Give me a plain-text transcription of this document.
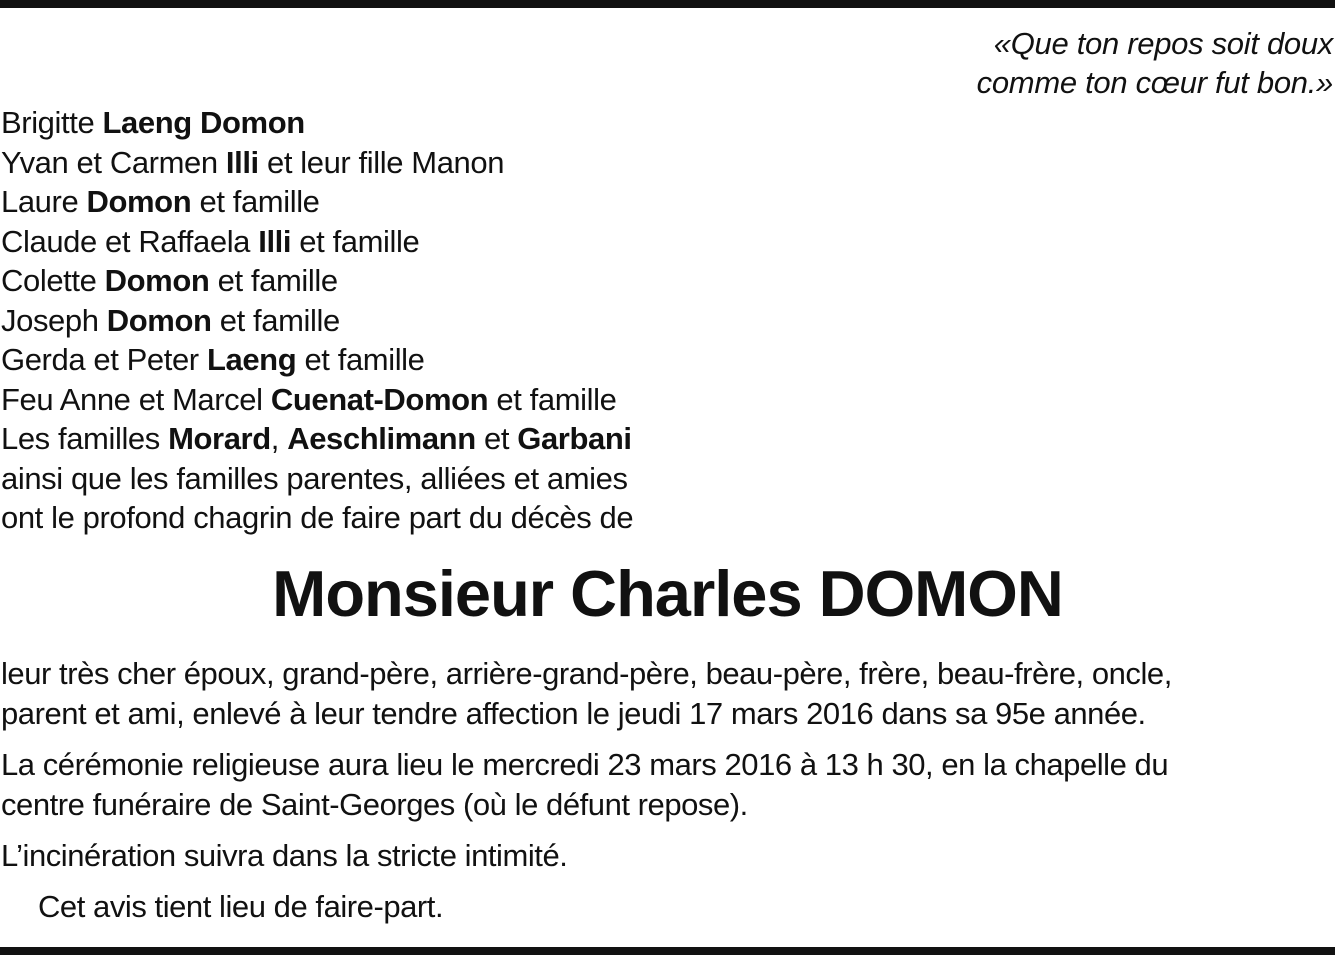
«Que ton repos soit doux
comme ton cœur fut bon.»
Brigitte Laeng Domon
Yvan et Carmen Illi et leur fille Manon
Laure Domon et famille
Claude et Raffaela Illi et famille
Colette Domon et famille
Joseph Domon et famille
Gerda et Peter Laeng et famille
Feu Anne et Marcel Cuenat-Domon et famille
Les familles Morard, Aeschlimann et Garbani
ainsi que les familles parentes, alliées et amies
ont le profond chagrin de faire part du décès de
Monsieur Charles DOMON
leur très cher époux, grand-père, arrière-grand-père, beau-père, frère, beau-frère, oncle,
parent et ami, enlevé à leur tendre affection le jeudi 17 mars 2016 dans sa 95e année.
La cérémonie religieuse aura lieu le mercredi 23 mars 2016 à 13 h 30, en la chapelle du
centre funéraire de Saint-Georges (où le défunt repose).
L’incinération suivra dans la stricte intimité.
Cet avis tient lieu de faire-part.
